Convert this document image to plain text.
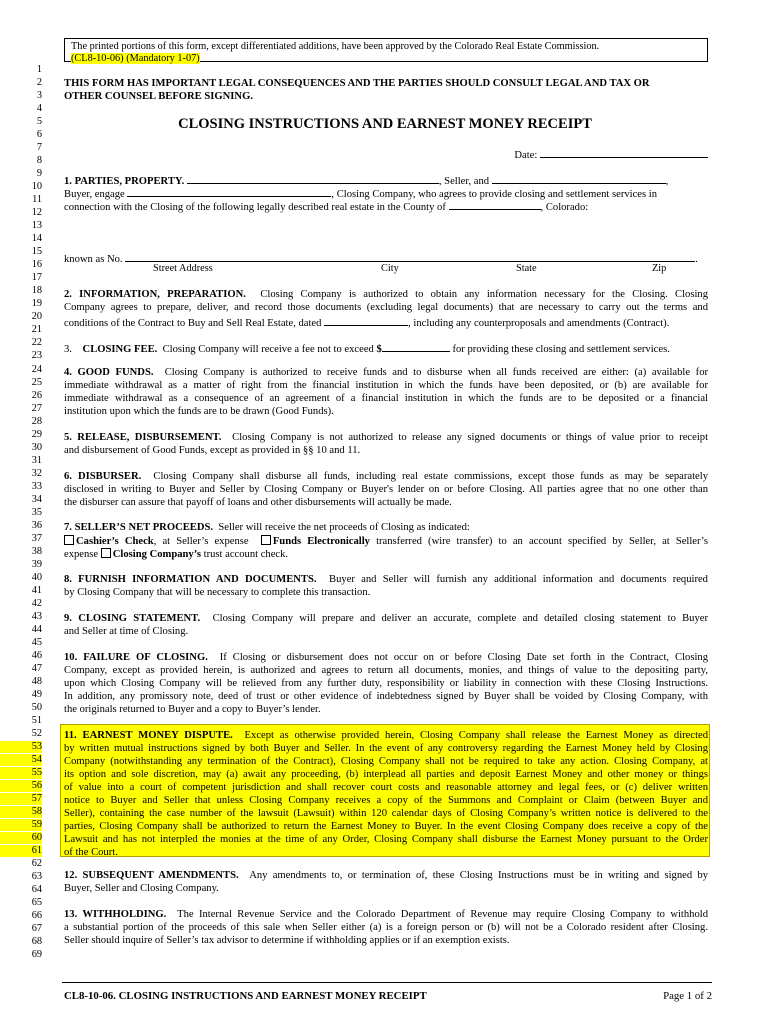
The printed portions of this form, except differentiated additions, have been approved by the Colorado Real Estate Commission.
(CL8-10-06) (Mandatory 1-07)
1
2
3
4
5
6
7
8
9
10
11
12
13
14
15
16
17
18
19
20
21
22
23
24
25
26
27
28
29
30
31
32
33
34
35
36
37
38
39
40
41
42
43
44
45
46
47
48
49
50
51
52
53
54
55
56
57
58
59
60
61
62
63
64
65
66
67
68
69
THIS FORM HAS IMPORTANT LEGAL CONSEQUENCES AND THE PARTIES SHOULD CONSULT LEGAL AND TAX OR
OTHER COUNSEL BEFORE SIGNING.
CLOSING INSTRUCTIONS AND EARNEST MONEY RECEIPT
Date:
1. PARTIES, PROPERTY.	, Seller, and	,
Buyer, engage	, Closing Company, who agrees to provide closing and settlement services in
connection with the Closing of the following legally described real estate in the County of	, Colorado:
known as No.	.
Street Address	City	State	Zip
2. INFORMATION, PREPARATION. Closing Company is authorized to obtain any information necessary for the Closing. Closing
Company agrees to prepare, deliver, and record those documents (excluding legal documents) that are necessary to carry out the terms and
conditions of the Contract to Buy and Sell Real Estate, dated	, including any counterproposals and amendments (Contract).
3. CLOSING FEE. Closing Company will receive a fee not to exceed $	for providing these closing and settlement services.
4. GOOD FUNDS. Closing Company is authorized to receive funds and to disburse when all funds received are either: (a) available for
immediate withdrawal as a matter of right from the financial institution in which the funds have been deposited, or (b) are available for
immediate withdrawal as a consequence of an agreement of a financial institution in which the funds are to be deposited or a financial
institution upon which the funds are to be drawn (Good Funds).
5. RELEASE, DISBURSEMENT. Closing Company is not authorized to release any signed documents or things of value prior to receipt
and disbursement of Good Funds, except as provided in §§ 10 and 11.
6. DISBURSER. Closing Company shall disburse all funds, including real estate commissions, except those funds as may be separately
disclosed in writing to Buyer and Seller by Closing Company or Buyer's lender on or before Closing. All parties agree that no one other than
the disburser can assure that payoff of loans and other disbursements will actually be made.
7. SELLER’S NET PROCEEDS. Seller will receive the net proceeds of Closing as indicated:
Cashier’s Check, at Seller’s expense Funds Electronically transferred (wire transfer) to an account specified by Seller, at Seller’s
expense Closing Company’s trust account check.
8. FURNISH INFORMATION AND DOCUMENTS. Buyer and Seller will furnish any additional information and documents required
by Closing Company that will be necessary to complete this transaction.
9. CLOSING STATEMENT. Closing Company will prepare and deliver an accurate, complete and detailed closing statement to Buyer
and Seller at time of Closing.
10. FAILURE OF CLOSING. If Closing or disbursement does not occur on or before Closing Date set forth in the Contract, Closing
Company, except as provided herein, is authorized and agrees to return all documents, monies, and things of value to the depositing party,
upon which Closing Company will be relieved from any further duty, responsibility or liability in connection with these Closing Instructions.
In addition, any promissory note, deed of trust or other evidence of indebtedness signed by Buyer shall be voided by Closing Company, with
the originals returned to Buyer and a copy to Buyer’s lender.
11. EARNEST MONEY DISPUTE. Except as otherwise provided herein, Closing Company shall release the Earnest Money as directed
by written mutual instructions signed by both Buyer and Seller. In the event of any controversy regarding the Earnest Money held by Closing
Company (notwithstanding any termination of the Contract), Closing Company shall not be required to take any action. Closing Company, at
its option and sole discretion, may (a) await any proceeding, (b) interplead all parties and deposit Earnest Money and other money or things
of value into a court of competent jurisdiction and shall recover court costs and reasonable attorney and legal fees, or (c) deliver written
notice to Buyer and Seller that unless Closing Company receives a copy of the Summons and Complaint or Claim (between Buyer and
Seller), containing the case number of the lawsuit (Lawsuit) within 120 calendar days of Closing Company’s written notice is delivered to the
parties, Closing Company shall be authorized to return the Earnest Money to Buyer. In the event Closing Company does receive a copy of the
Lawsuit and has not interpled the monies at the time of any Order, Closing Company shall disburse the Earnest Money pursuant to the Order
of the Court.
12. SUBSEQUENT AMENDMENTS. Any amendments to, or termination of, these Closing Instructions must be in writing and signed by
Buyer, Seller and Closing Company.
13. WITHHOLDING. The Internal Revenue Service and the Colorado Department of Revenue may require Closing Company to withhold
a substantial portion of the proceeds of this sale when Seller either (a) is a foreign person or (b) will not be a Colorado resident after Closing.
Seller should inquire of Seller’s tax advisor to determine if withholding applies or if an exemption exists.
CL8-10-06. CLOSING INSTRUCTIONS AND EARNEST MONEY RECEIPT	Page 1 of 2
